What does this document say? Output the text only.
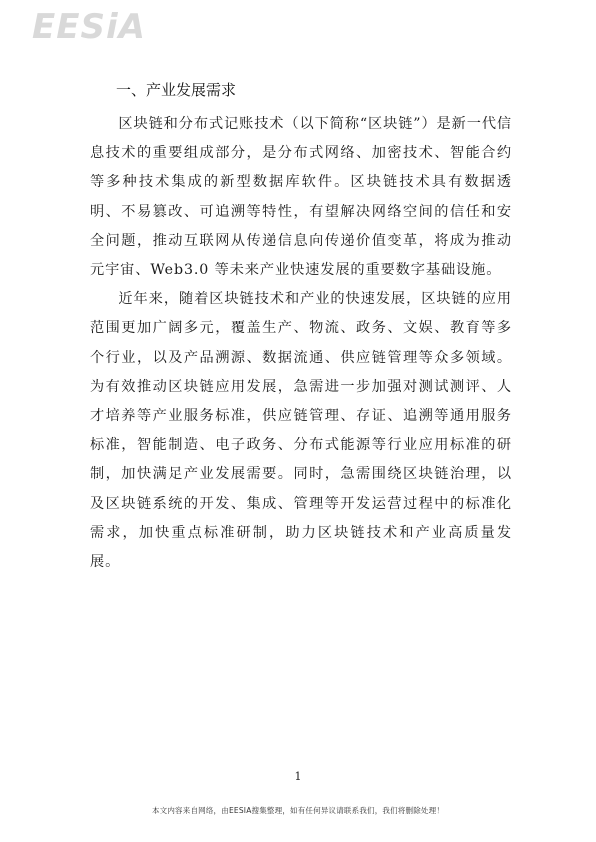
EESiA
一、产业发展需求

区块链和分布式记账技术（以下简称“区块链”）是新一代信息技术的重要组成部分，是分布式网络、加密技术、智能合约等多种技术集成的新型数据库软件。区块链技术具有数据透明、不易篡改、可追溯等特性，有望解决网络空间的信任和安全问题，推动互联网从传递信息向传递价值变革，将成为推动元宇宙、Web3.0 等未来产业快速发展的重要数字基础设施。

近年来，随着区块链技术和产业的快速发展，区块链的应用范围更加广阔多元，覆盖生产、物流、政务、文娱、教育等多个行业，以及产品溯源、数据流通、供应链管理等众多领域。为有效推动区块链应用发展，急需进一步加强对测试测评、人才培养等产业服务标准，供应链管理、存证、追溯等通用服务标准，智能制造、电子政务、分布式能源等行业应用标准的研制，加快满足产业发展需要。同时，急需围绕区块链治理，以及区块链系统的开发、集成、管理等开发运营过程中的标准化需求，加快重点标准研制，助力区块链技术和产业高质量发展。

1
本文内容来自网络，由EESIA搜集整理，如有任何异议请联系我们，我们将删除处理！
